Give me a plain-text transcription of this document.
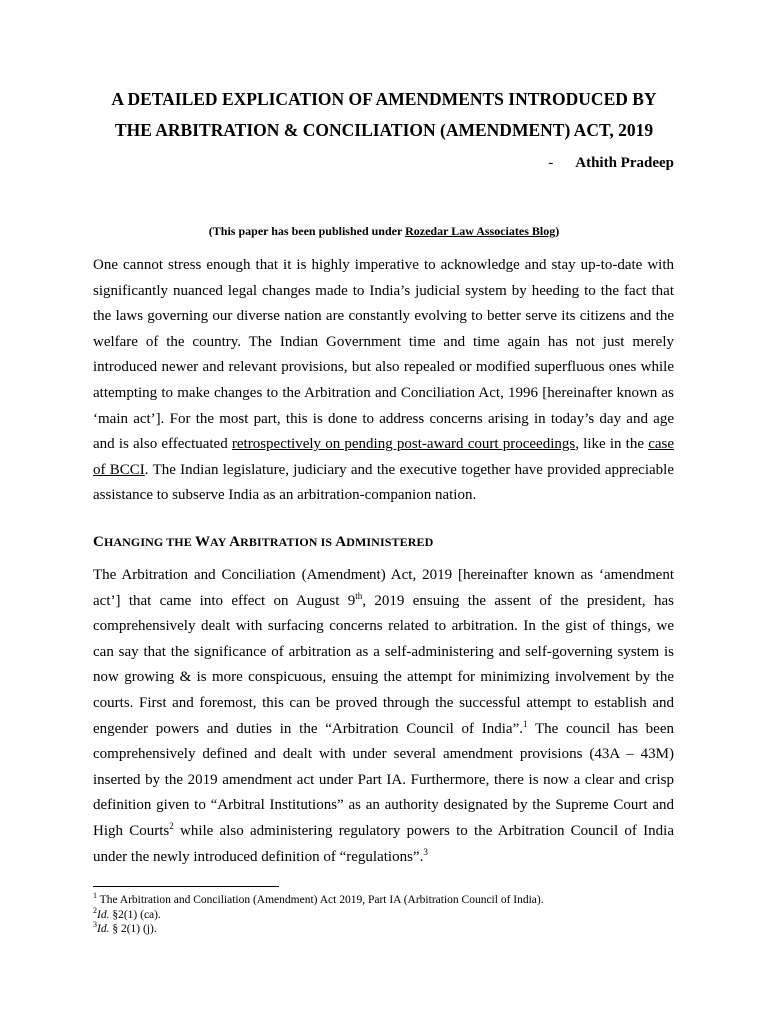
A DETAILED EXPLICATION OF AMENDMENTS INTRODUCED BY
THE ARBITRATION & CONCILIATION (AMENDMENT) ACT, 2019
- Athith Pradeep
(This paper has been published under Rozedar Law Associates Blog)

One cannot stress enough that it is highly imperative to acknowledge and stay up-to-date with significantly nuanced legal changes made to India’s judicial system by heeding to the fact that the laws governing our diverse nation are constantly evolving to better serve its citizens and the welfare of the country. The Indian Government time and time again has not just merely introduced newer and relevant provisions, but also repealed or modified superfluous ones while attempting to make changes to the Arbitration and Conciliation Act, 1996 [hereinafter known as ‘main act’]. For the most part, this is done to address concerns arising in today’s day and age and is also effectuated retrospectively on pending post-award court proceedings, like in the case of BCCI. The Indian legislature, judiciary and the executive together have provided appreciable assistance to subserve India as an arbitration-companion nation.

CHANGING THE WAY ARBITRATION IS ADMINISTERED

The Arbitration and Conciliation (Amendment) Act, 2019 [hereinafter known as ‘amendment act’] that came into effect on August 9th, 2019 ensuing the assent of the president, has comprehensively dealt with surfacing concerns related to arbitration. In the gist of things, we can say that the significance of arbitration as a self-administering and self-governing system is now growing & is more conspicuous, ensuing the attempt for minimizing involvement by the courts. First and foremost, this can be proved through the successful attempt to establish and engender powers and duties in the “Arbitration Council of India”.$^1$ The council has been comprehensively defined and dealt with under several amendment provisions (43A – 43M) inserted by the 2019 amendment act under Part IA. Furthermore, there is now a clear and crisp definition given to “Arbitral Institutions” as an authority designated by the Supreme Court and High Courts$^2$ while also administering regulatory powers to the Arbitration Council of India under the newly introduced definition of “regulations”.$^3$

$^1$ The Arbitration and Conciliation (Amendment) Act 2019, Part IA (Arbitration Council of India).
$^2$Id. §2(1) (ca).
$^3$Id. § 2(1) (j).
